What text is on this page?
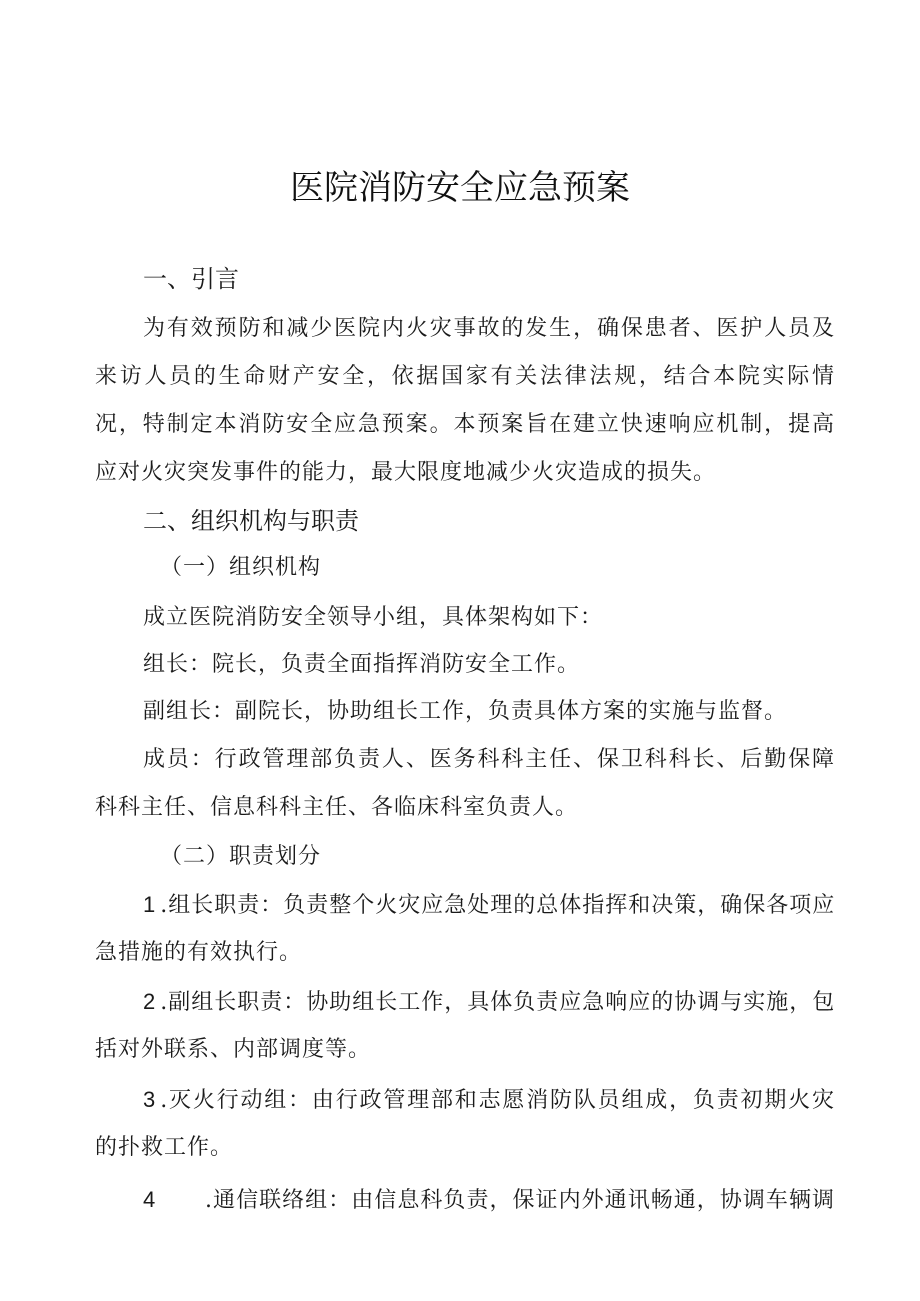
医院消防安全应急预案
一、引言
为有效预防和减少医院内火灾事故的发生，确保患者、医护人员及
来访人员的生命财产安全，依据国家有关法律法规，结合本院实际情
况，特制定本消防安全应急预案。本预案旨在建立快速响应机制，提高
应对火灾突发事件的能力，最大限度地减少火灾造成的损失。
二、组织机构与职责
（一）组织机构
成立医院消防安全领导小组，具体架构如下：
组长：院长，负责全面指挥消防安全工作。
副组长：副院长，协助组长工作，负责具体方案的实施与监督。
成员：行政管理部负责人、医务科科主任、保卫科科长、后勤保障
科科主任、信息科科主任、各临床科室负责人。
（二）职责划分
1 .组长职责：负责整个火灾应急处理的总体指挥和决策，确保各项应
急措施的有效执行。
2 .副组长职责：协助组长工作，具体负责应急响应的协调与实施，包
括对外联系、内部调度等。
3 .灭火行动组：由行政管理部和志愿消防队员组成，负责初期火灾
的扑救工作。
4 .通信联络组：由信息科负责，保证内外通讯畅通，协调车辆调
